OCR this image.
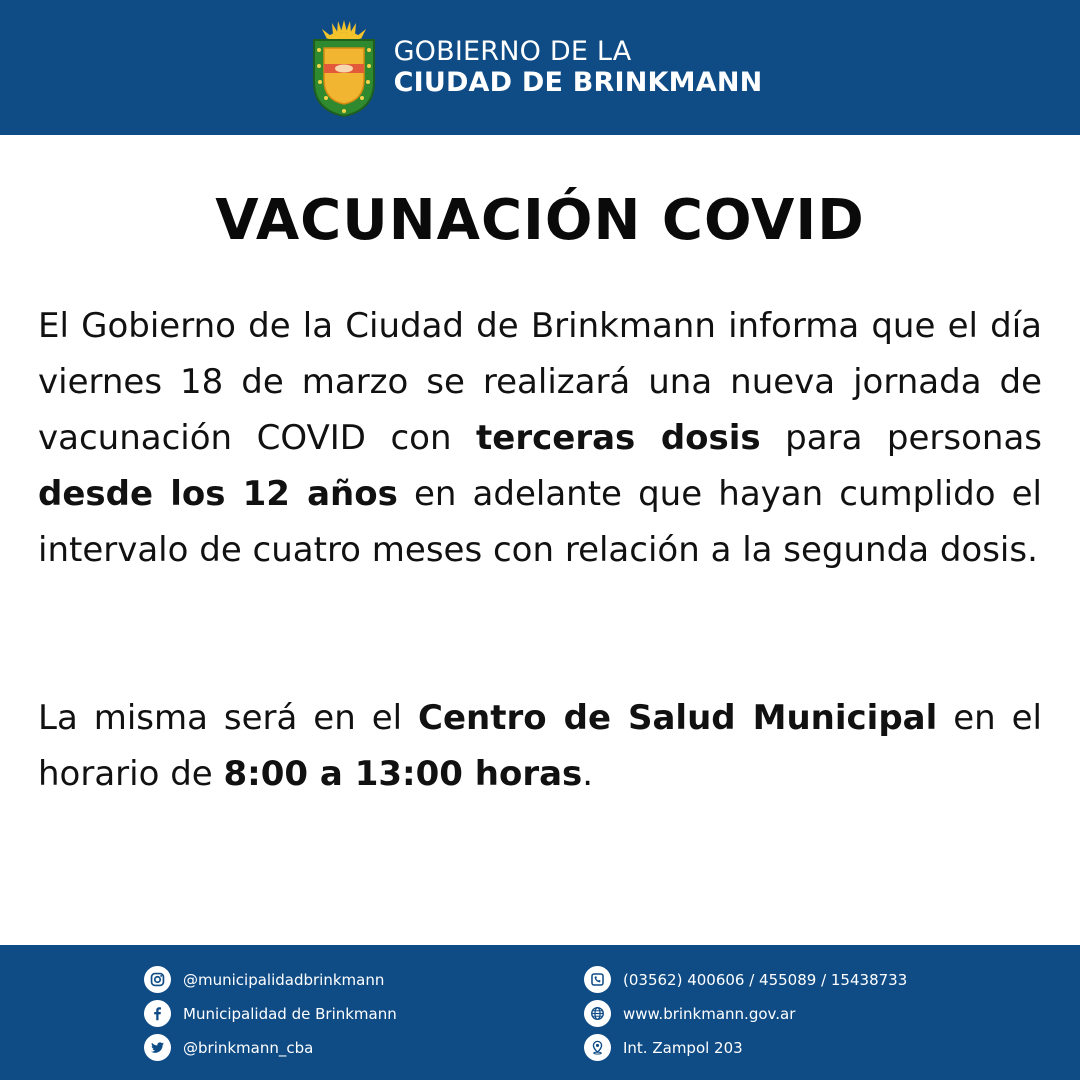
GOBIERNO DE LA
CIUDAD DE BRINKMANN
VACUNACIÓN COVID

El Gobierno de la Ciudad de Brinkmann informa que el día viernes 18 de marzo se realizará una nueva jornada de vacunación COVID con terceras dosis para personas desde los 12 años en adelante que hayan cumplido el intervalo de cuatro meses con relación a la segunda dosis.

La misma será en el Centro de Salud Municipal en el horario de 8:00 a 13:00 horas.

@municipalidadbrinkmann
Municipalidad de Brinkmann
@brinkmann_cba
(03562) 400606 / 455089 / 15438733
www.brinkmann.gov.ar
Int. Zampol 203
